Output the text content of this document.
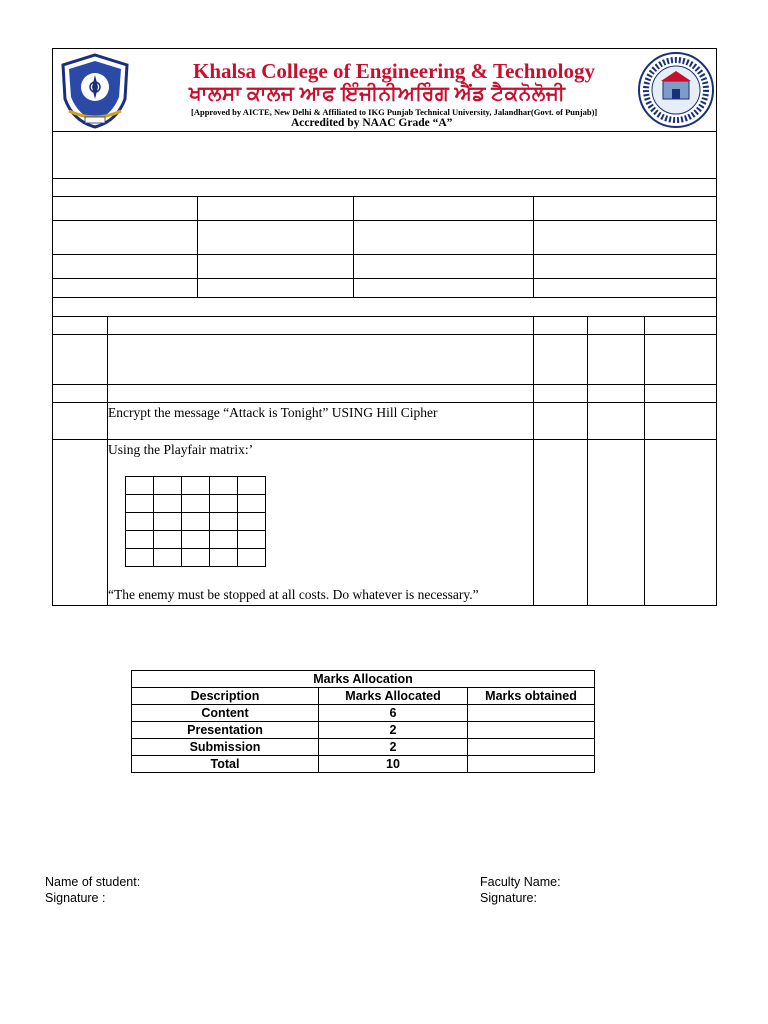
Khalsa College of Engineering & Technology
ਖਾਲਸਾ ਕਾਲਜ ਆਫ ਇੰਜੀਨੀਅਰਿੰਗ ਐਂਡ ਟੈਕਨੋਲੋਜੀ
[Approved by AICTE, New Delhi & Affiliated to IKG Punjab Technical University, Jalandhar(Govt. of Punjab)]
Accredited by NAAC Grade “A”
Encrypt the message “Attack is Tonight” USING Hill Cipher
Using the Playfair matrix:’

“The enemy must be stopped at all costs. Do whatever is necessary.”
Marks Allocation		
Description	Marks Allocated	Marks obtained
Content	6	
Presentation	2	
Submission	2	
Total	10	
Name of student:
Signature :
Faculty Name:
Signature:
